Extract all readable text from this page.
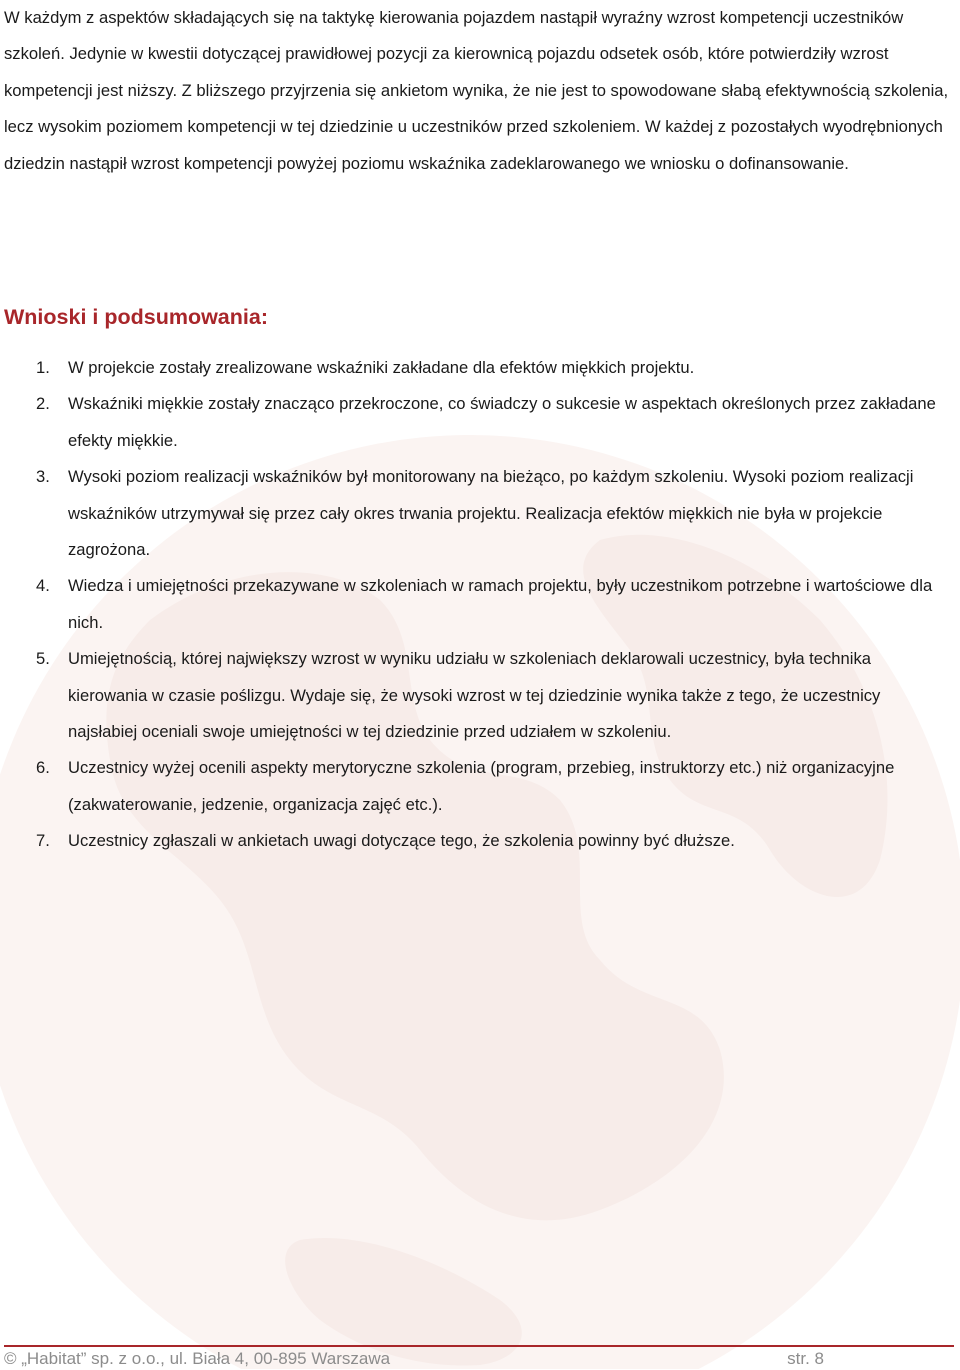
W każdym z aspektów składających się na taktykę kierowania pojazdem nastąpił wyraźny wzrost kompetencji uczestników szkoleń. Jedynie w kwestii dotyczącej prawidłowej pozycji za kierownicą pojazdu odsetek osób, które potwierdziły wzrost kompetencji jest niższy. Z bliższego przyjrzenia się ankietom wynika, że nie jest to spowodowane słabą efektywnością szkolenia, lecz wysokim poziomem kompetencji w tej dziedzinie u uczestników przed szkoleniem. W każdej z pozostałych wyodrębnionych dziedzin nastąpił wzrost kompetencji powyżej poziomu wskaźnika zadeklarowanego we wniosku o dofinansowanie.

Wnioski i podsumowania:
1. W projekcie zostały zrealizowane wskaźniki zakładane dla efektów miękkich projektu.
2. Wskaźniki miękkie zostały znacząco przekroczone, co świadczy o sukcesie w aspektach określonych przez zakładane efekty miękkie.
3. Wysoki poziom realizacji wskaźników był monitorowany na bieżąco, po każdym szkoleniu. Wysoki poziom realizacji wskaźników utrzymywał się przez cały okres trwania projektu. Realizacja efektów miękkich nie była w projekcie zagrożona.
4. Wiedza i umiejętności przekazywane w szkoleniach w ramach projektu, były uczestnikom potrzebne i wartościowe dla nich.
5. Umiejętnością, której największy wzrost w wyniku udziału w szkoleniach deklarowali uczestnicy, była technika kierowania w czasie poślizgu. Wydaje się, że wysoki wzrost w tej dziedzinie wynika także z tego, że uczestnicy najsłabiej oceniali swoje umiejętności w tej dziedzinie przed udziałem w szkoleniu.
6. Uczestnicy wyżej ocenili aspekty merytoryczne szkolenia (program, przebieg, instruktorzy etc.) niż organizacyjne (zakwaterowanie, jedzenie, organizacja zajęć etc.).
7. Uczestnicy zgłaszali w ankietach uwagi dotyczące tego, że szkolenia powinny być dłuższe.
© „Habitat” sp. z o.o., ul. Biała 4, 00-895 Warszawa	str. 8
